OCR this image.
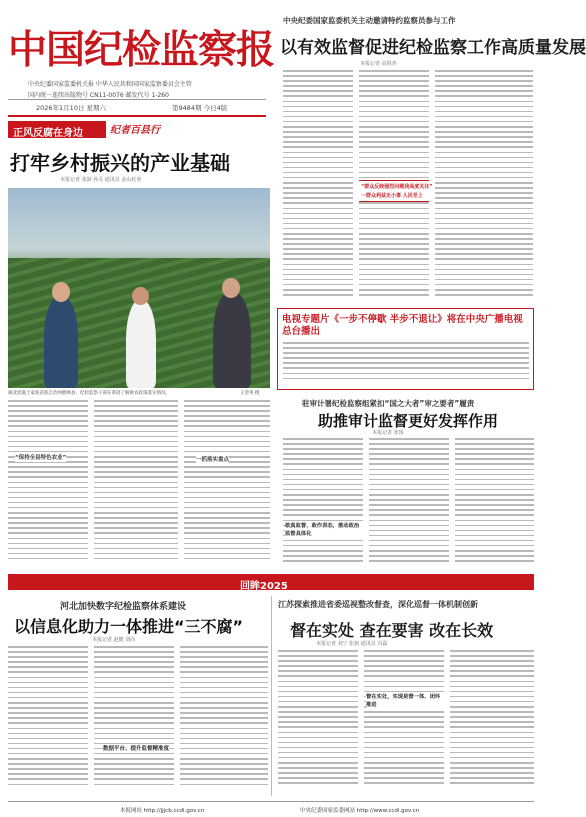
中国纪检监察报
中央纪委国家监委机关报 中华人民共和国国家监察委员会主管
国内统一连续出版物号 CN11-0076 邮发代号 1-260
2026年1月10日 星期六	第9484期 今日4版
中央纪委国家监委机关主动邀请特约监察员参与工作
以有效监督促进纪检监察工作高质量发展
本报记者 高锐查
“群众反映强烈问题我高度关注”
一群众利益无小事 人民至上
正风反腐在身边	纪者百县行
打牢乡村振兴的产业基础
本报记者 张淑 孙灵 通讯员 金山松喜
湖北恩施土家族苗族自治州鹤峰县，纪检监察干部在茶园了解惠农政策落实情况。	王金英 摄
“保持全县特色农业”	一抓落实重点
电视专题片《一步不停歇 半步不退让》将在中央广播电视总台播出
驻审计署纪检监察组紧扣“国之大者”审之要者”履责
助推审计监督更好发挥作用
本报记者 张琢
敢真监督、敢作表态，推动政治监督具体化
回眸2025
河北加快数字纪检监察体系建设
以信息化助力一体推进“三不腐”
本报记者 赵健 刘尚
数据平台、提升监督精准度
江苏探索推进省委巡视整改督查，深化巡督一体机制创新
督在实处 查在要害 改在长效
本报记者 刘宁 张铭 通讯员 冯霖
督在实处，实现是督一体、闭环推进
本报网址 http://jjjcb.ccdi.gov.cn	中央纪委国家监委网站 http://www.ccdi.gov.cn
